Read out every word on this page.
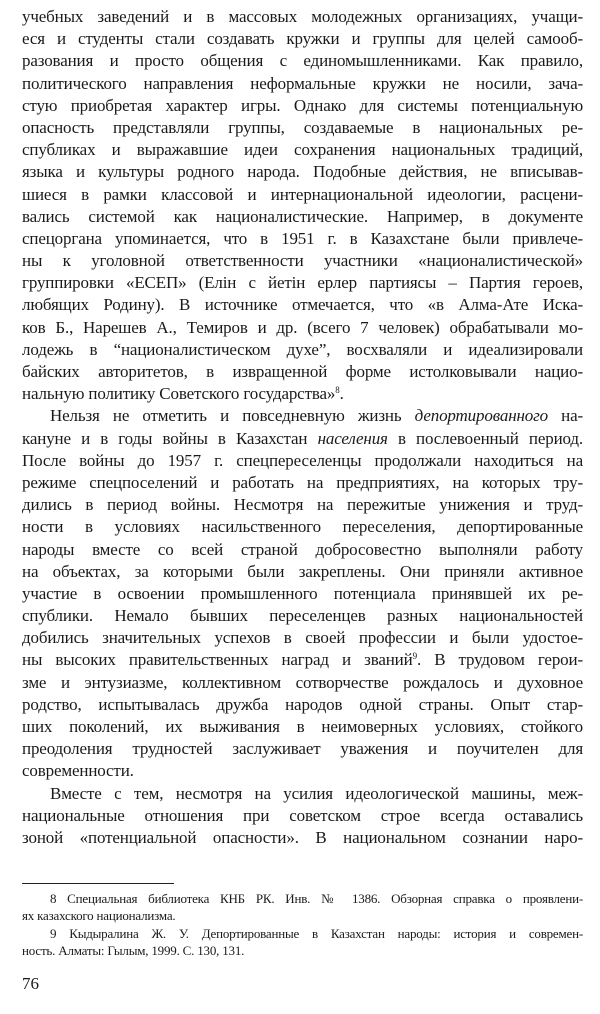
учебных заведений и в массовых молодежных организациях, учащи-
еся и студенты стали создавать кружки и группы для целей самооб-
разования и просто общения с единомышленниками. Как правило,
политического направления неформальные кружки не носили, зача-
стую приобретая характер игры. Однако для системы потенциальную
опасность представляли группы, создаваемые в национальных ре-
спубликах и выражавшие идеи сохранения национальных традиций,
языка и культуры родного народа. Подобные действия, не вписывав-
шиеся в рамки классовой и интернациональной идеологии, расцени-
вались системой как националистические. Например, в документе
спецоргана упоминается, что в 1951 г. в Казахстане были привлече-
ны к уголовной ответственности участники «националистической»
группировки «ЕСЕП» (Елін с йетін ерлер партиясы – Партия героев,
любящих Родину). В источнике отмечается, что «в Алма-Ате Иска-
ков Б., Нарешев А., Темиров и др. (всего 7 человек) обрабатывали мо-
лодежь в “националистическом духе”, восхваляли и идеализировали
байских авторитетов, в извращенной форме истолковывали нацио-
нальную политику Советского государства»$^8$.
Нельзя не отметить и повседневную жизнь депортированного на-
кануне и в годы войны в Казахстан населения в послевоенный период.
После войны до 1957 г. спецпереселенцы продолжали находиться на
режиме спецпоселений и работать на предприятиях, на которых тру-
дились в период войны. Несмотря на пережитые унижения и труд-
ности в условиях насильственного переселения, депортированные
народы вместе со всей страной добросовестно выполняли работу
на объектах, за которыми были закреплены. Они приняли активное
участие в освоении промышленного потенциала принявшей их ре-
спублики. Немало бывших переселенцев разных национальностей
добились значительных успехов в своей профессии и были удостое-
ны высоких правительственных наград и званий$^9$. В трудовом герои-
зме и энтузиазме, коллективном сотворчестве рождалось и духовное
родство, испытывалась дружба народов одной страны. Опыт стар-
ших поколений, их выживания в неимоверных условиях, стойкого
преодоления трудностей заслуживает уважения и поучителен для
современности.
Вместе с тем, несмотря на усилия идеологической машины, меж-
национальные отношения при советском строе всегда оставались
зоной «потенциальной опасности». В национальном сознании наро-
8 Специальная библиотека КНБ РК. Инв. № 1386. Обзорная справка о проявлени-
ях казахского национализма.
9 Кыдыралина Ж. У. Депортированные в Казахстан народы: история и современ-
ность. Алматы: Гылым, 1999. С. 130, 131.
76
